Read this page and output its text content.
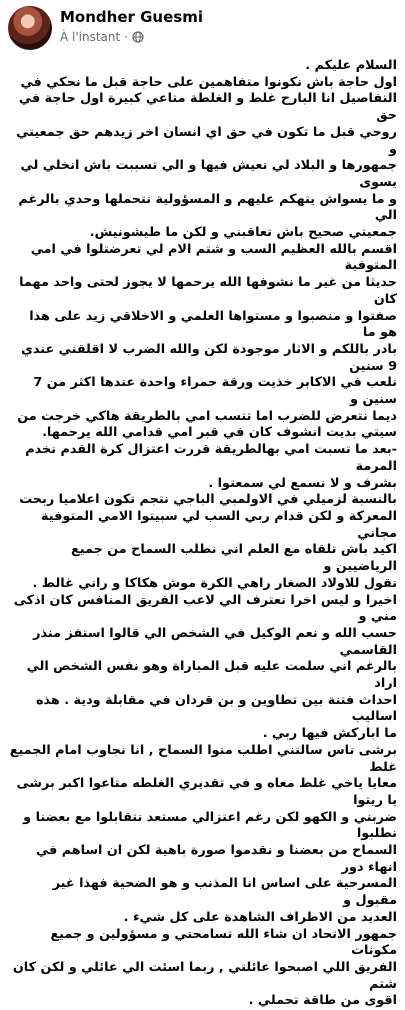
Mondher Guesmi
À l'instant ·

السلام عليكم .

اول حاجة باش نكونوا متفاهمين على حاجة قبل ما نحكي في

التفاصيل انا البارح غلط و الغلطة متاعي كبيرة اول حاجة في حق

روحي قبل ما تكون في حق اي انسان اخر زيدهم حق جمعيتي و

جمهورها و البلاد لي نعيش فيها و الي تسببت باش انخلي لي يسوى

و ما يسواش يتهكم عليهم و المسؤولية نتحملها وحدي بالرغم الي

جمعيتي صحيح باش تعاقبني و لكن ما طيشونيش.

اقسم بالله العظيم السب و شتم الام لي تعرضتلوا في امي المتوفية

حديثا من غير ما نشوفها الله يرحمها لا يجوز لحتى واحد مهما كان

صفتوا و منصبوا و مستواها العلمي و الاخلاقي زيد على هذا هو ما

بادر باللكم و الاثار موجودة لكن والله الضرب لا اقلقني عندي 9 سنين

نلعب في الاكابر خذيت ورقة حمراء واحدة عندها اكثر من 7 سنين و

ديما نتعرض للضرب اما تتسب امي بالطريقة هاكي خرجت من

سيتي بديت انشوف كان في قبر امي قدامي الله يرحمها.

-بعد ما تسبت امي بهالطريقة قررت اعتزال كرة القدم نخدم المرمة

بشرف و لا نسمع لي سمعتوا .

بالنسبة لزميلي في الاولمبي الباجي نتجم تكون اعلاميا ربحت

المعركة و لكن قدام ربي السب لي سبيتوا الامي المتوفية مجاني

اكيد باش تلقاه مع العلم اني نطلب السماح من جميع الرياضيين و

نقول للاولاد الصغار راهي الكرة موش هكاكا و راني غالط .

اخيرا و ليس اخرا نعترف الي لاعب الفريق المنافس كان اذكى مني و

حسب الله و نعم الوكيل في الشخص الي قالوا استفز منذر القاسمي

بالرغم اني سلمت عليه قبل المباراة وهو نفس الشخص الي اراد

احداث فتنة بين تطاوين و بن قردان في مقابلة ودية . هذه اساليب

ما اباركش فيها ربي .

برشى ناس سالتني اطلب منوا السماح , انا نجاوب امام الجميع غلط

معايا ياخي غلط معاه و في تقديري الغلطه متاعوا اكبر برشى يا ريتوا

ضربني و الكهو لكن رغم اعتزالي مستعد نتقابلوا مع بعضنا و نطلبوا

السماح من بعضنا و نقدموا صورة باهية لكن ان اساهم في انهاء دور

المسرحية على اساس انا المذنب و هو الضحية فهذا غير مقبول و

العديد من الاطراف الشاهدة على كل شيء .

جمهور الاتحاد ان شاء الله تسامحني و مسؤولين و جميع مكونات

الفريق اللي اصبحوا عائلتي , ربما اسئت الي عائلي و لكن كان شتم

اقوى من طاقة تحملي .
